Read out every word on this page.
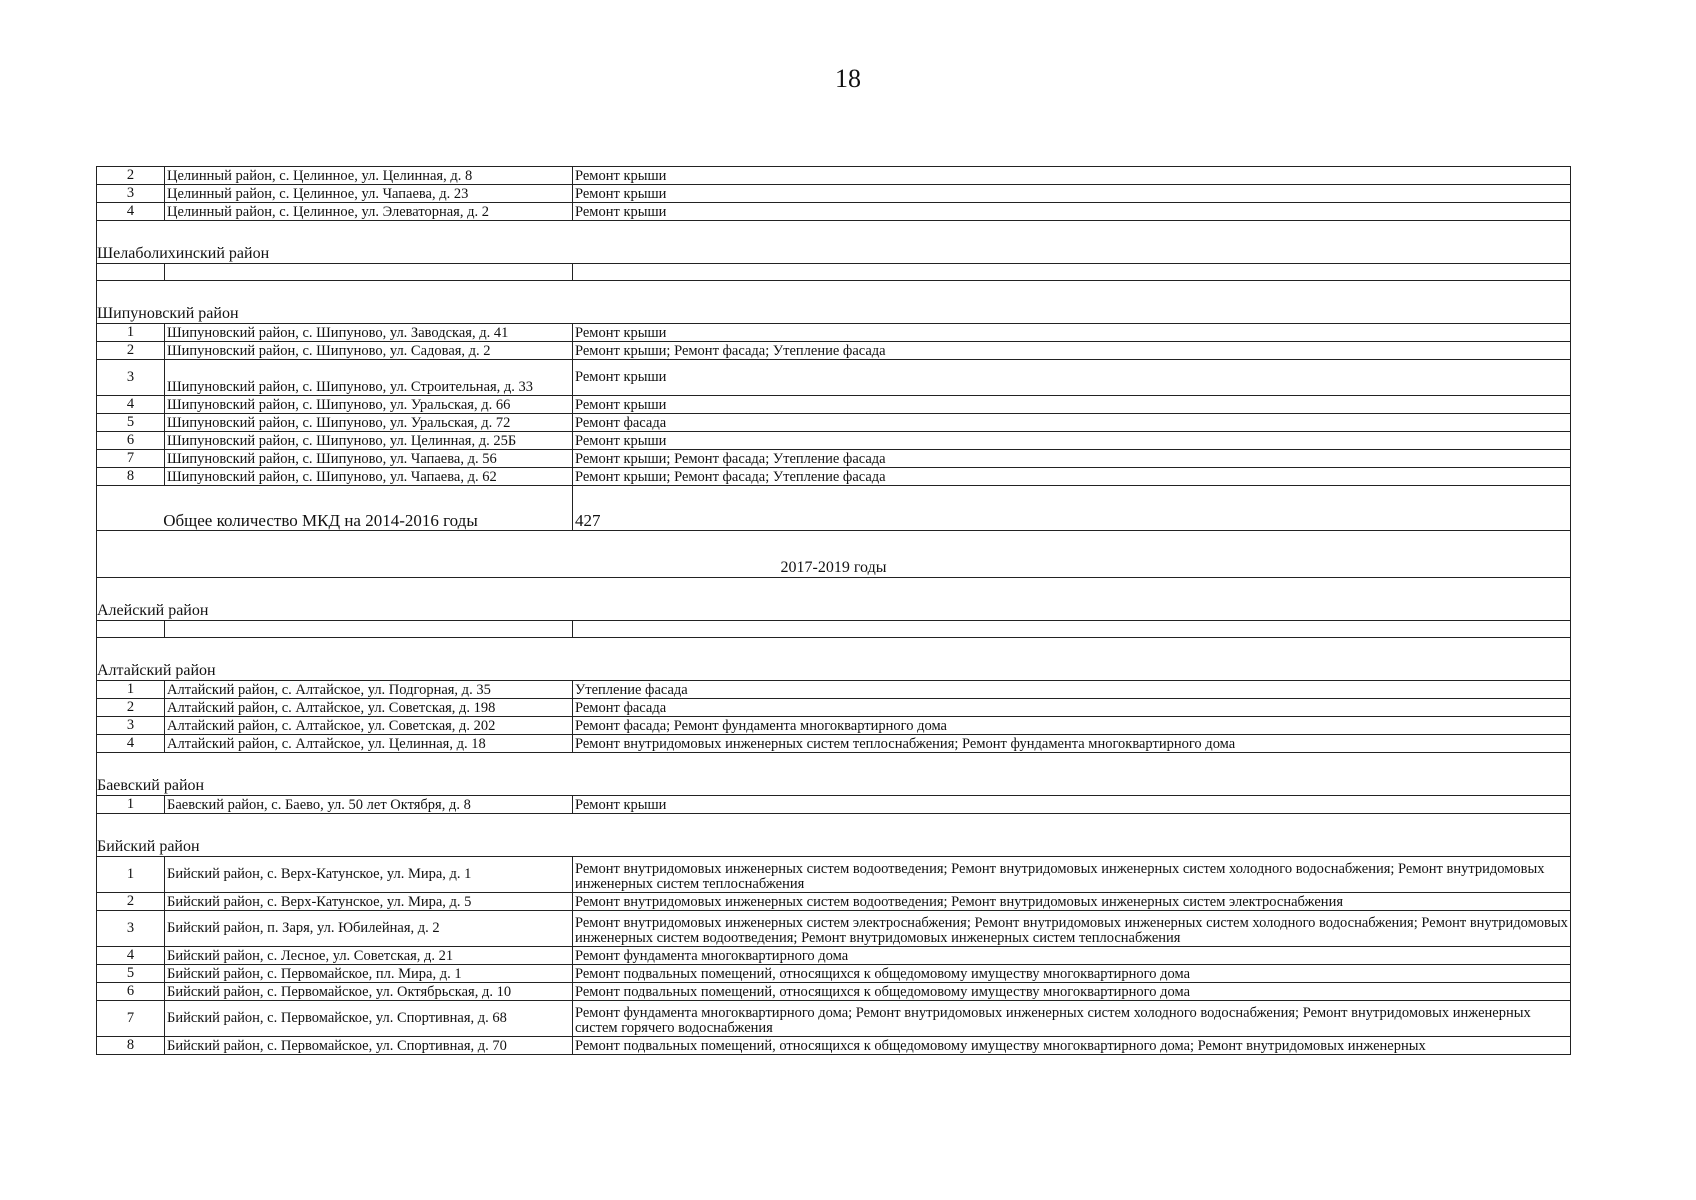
18
2	Целинный район, с. Целинное, ул. Целинная, д. 8	Ремонт крыши
3	Целинный район, с. Целинное, ул. Чапаева, д. 23	Ремонт крыши
4	Целинный район, с. Целинное, ул. Элеваторная, д. 2	Ремонт крыши
Шелаболихинский район		

Шипуновский район		
1	Шипуновский район, с. Шипуново, ул. Заводская, д. 41	Ремонт крыши
2	Шипуновский район, с. Шипуново, ул. Садовая, д. 2	Ремонт крыши; Ремонт фасада; Утепление фасада
3	Шипуновский район, с. Шипуново, ул. Строительная, д. 33	Ремонт крыши
4	Шипуновский район, с. Шипуново, ул. Уральская, д. 66	Ремонт крыши
5	Шипуновский район, с. Шипуново, ул. Уральская, д. 72	Ремонт фасада
6	Шипуновский район, с. Шипуново, ул. Целинная, д. 25Б	Ремонт крыши
7	Шипуновский район, с. Шипуново, ул. Чапаева, д. 56	Ремонт крыши; Ремонт фасада; Утепление фасада
8	Шипуновский район, с. Шипуново, ул. Чапаева, д. 62	Ремонт крыши; Ремонт фасада; Утепление фасада
Общее количество МКД на 2014-2016 годы		427
2017-2019 годы		
Алейский район		

Алтайский район		
1	Алтайский район, с. Алтайское, ул. Подгорная, д. 35	Утепление фасада
2	Алтайский район, с. Алтайское, ул. Советская, д. 198	Ремонт фасада
3	Алтайский район, с. Алтайское, ул. Советская, д. 202	Ремонт фасада; Ремонт фундамента многоквартирного дома
4	Алтайский район, с. Алтайское, ул. Целинная, д. 18	Ремонт внутридомовых инженерных систем теплоснабжения; Ремонт фундамента многоквартирного дома
Баевский район		
1	Баевский район, с. Баево, ул. 50 лет Октября, д. 8	Ремонт крыши
Бийский район		
1	Бийский район, с. Верх-Катунское, ул. Мира, д. 1	Ремонт внутридомовых инженерных систем водоотведения; Ремонт внутридомовых инженерных систем холодного водоснабжения; Ремонт внутридомовых инженерных систем теплоснабжения
2	Бийский район, с. Верх-Катунское, ул. Мира, д. 5	Ремонт внутридомовых инженерных систем водоотведения; Ремонт внутридомовых инженерных систем электроснабжения
3	Бийский район, п. Заря, ул. Юбилейная, д. 2	Ремонт внутридомовых инженерных систем электроснабжения; Ремонт внутридомовых инженерных систем холодного водоснабжения; Ремонт внутридомовых инженерных систем водоотведения; Ремонт внутридомовых инженерных систем теплоснабжения
4	Бийский район, с. Лесное, ул. Советская, д. 21	Ремонт фундамента многоквартирного дома
5	Бийский район, с. Первомайское, пл. Мира, д. 1	Ремонт подвальных помещений, относящихся к общедомовому имуществу многоквартирного дома
6	Бийский район, с. Первомайское, ул. Октябрьская, д. 10	Ремонт подвальных помещений, относящихся к общедомовому имуществу многоквартирного дома
7	Бийский район, с. Первомайское, ул. Спортивная, д. 68	Ремонт фундамента многоквартирного дома; Ремонт внутридомовых инженерных систем холодного водоснабжения; Ремонт внутридомовых инженерных систем горячего водоснабжения
8	Бийский район, с. Первомайское, ул. Спортивная, д. 70	Ремонт подвальных помещений, относящихся к общедомовому имуществу многоквартирного дома; Ремонт внутридомовых инженерных
